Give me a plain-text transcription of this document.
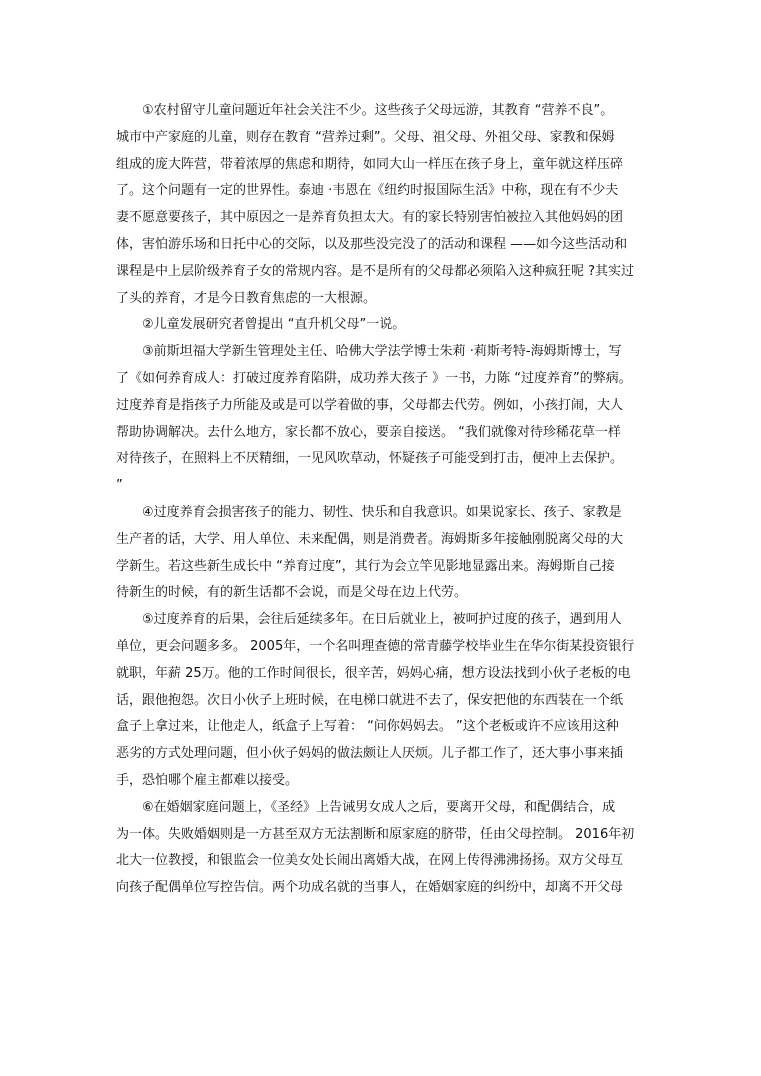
①农村留守儿童问题近年社会关注不少。这些孩子父母远游，其教育 “营养不良”。
城市中产家庭的儿童，则存在教育 “营养过剩”。父母、祖父母、外祖父母、家教和保姆
组成的庞大阵营，带着浓厚的焦虑和期待，如同大山一样压在孩子身上，童年就这样压碎
了。这个问题有一定的世界性。泰迪 ·韦恩在《纽约时报国际生活》中称，现在有不少夫
妻不愿意要孩子，其中原因之一是养育负担太大。有的家长特别害怕被拉入其他妈妈的团
体，害怕游乐场和日托中心的交际，以及那些没完没了的活动和课程 ——如今这些活动和
课程是中上层阶级养育子女的常规内容。是不是所有的父母都必须陷入这种疯狂呢 ?其实过
了头的养育，才是今日教育焦虑的一大根源。
②儿童发展研究者曾提出 “直升机父母”一说。
③前斯坦福大学新生管理处主任、哈佛大学法学博士朱莉 ·莉斯考特-海姆斯博士，写
了《如何养育成人：打破过度养育陷阱，成功养大孩子 》一书，力陈 “过度养育”的弊病。
过度养育是指孩子力所能及或是可以学着做的事，父母都去代劳。例如，小孩打闹，大人
帮助协调解决。去什么地方，家长都不放心，要亲自接送。 “我们就像对待珍稀花草一样
对待孩子，在照料上不厌精细，一见风吹草动，怀疑孩子可能受到打击，便冲上去保护。
”
④过度养育会损害孩子的能力、韧性、快乐和自我意识。如果说家长、孩子、家教是
生产者的话，大学、用人单位、未来配偶，则是消费者。海姆斯多年接触刚脱离父母的大
学新生。若这些新生成长中 “养育过度”，其行为会立竿见影地显露出来。海姆斯自己接
待新生的时候，有的新生话都不会说，而是父母在边上代劳。
⑤过度养育的后果，会往后延续多年。在日后就业上，被呵护过度的孩子，遇到用人
单位，更会问题多多。 2005年，一个名叫理查德的常青藤学校毕业生在华尔街某投资银行
就职，年薪 25万。他的工作时间很长，很辛苦，妈妈心痛，想方设法找到小伙子老板的电
话，跟他抱怨。次日小伙子上班时候，在电梯口就进不去了，保安把他的东西装在一个纸
盒子上拿过来，让他走人，纸盒子上写着： “问你妈妈去。 ”这个老板或许不应该用这种
恶劣的方式处理问题，但小伙子妈妈的做法颇让人厌烦。儿子都工作了，还大事小事来插
手，恐怕哪个雇主都难以接受。
⑥在婚姻家庭问题上，《圣经》上告诫男女成人之后，要离开父母，和配偶结合，成
为一体。失败婚姻则是一方甚至双方无法割断和原家庭的脐带，任由父母控制。 2016年初
北大一位教授，和银监会一位美女处长闹出离婚大战，在网上传得沸沸扬扬。双方父母互
向孩子配偶单位写控告信。两个功成名就的当事人，在婚姻家庭的纠纷中，却离不开父母
